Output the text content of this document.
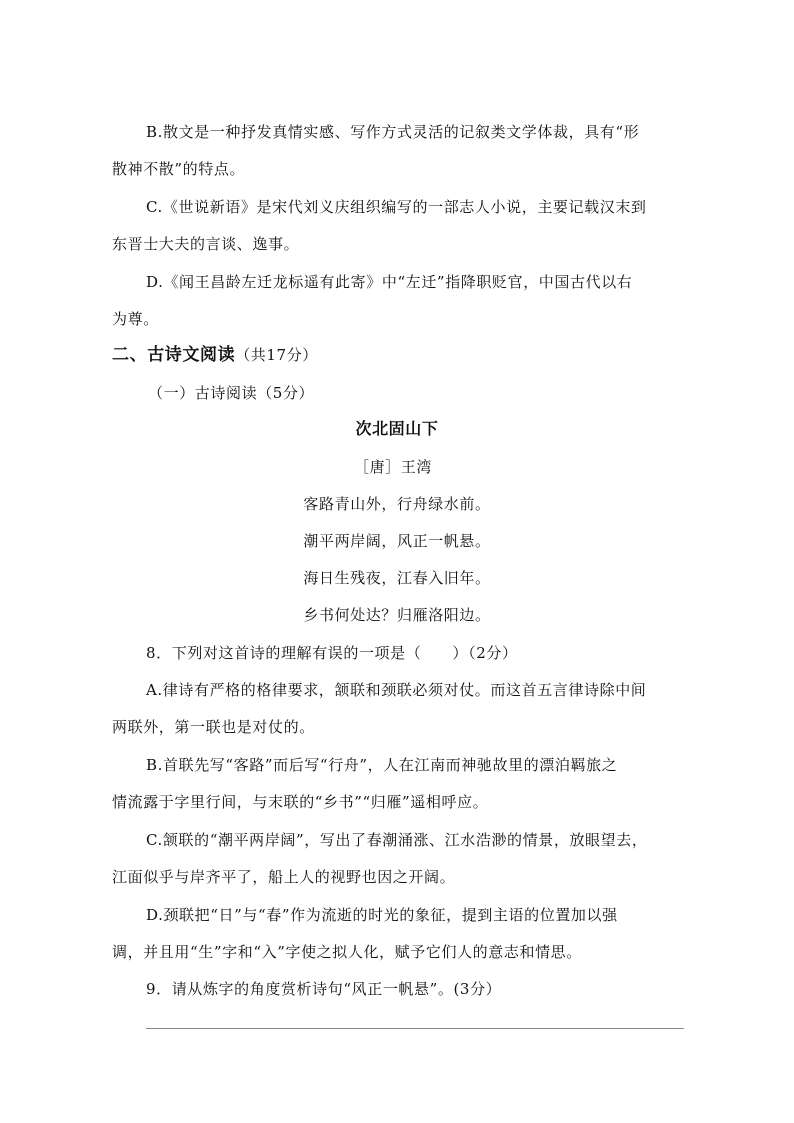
B.散文是一种抒发真情实感、写作方式灵活的记叙类文学体裁，具有“形
散神不散”的特点。
C.《世说新语》是宋代刘义庆组织编写的一部志人小说，主要记载汉末到
东晋士大夫的言谈、逸事。
D.《闻王昌龄左迁龙标遥有此寄》中“左迁”指降职贬官，中国古代以右
为尊。
二、古诗文阅读（共17分）
（一）古诗阅读（5分）
次北固山下
［唐］王湾
客路青山外，行舟绿水前。
潮平两岸阔，风正一帆悬。
海日生残夜，江春入旧年。
乡书何处达？归雁洛阳边。
8．下列对这首诗的理解有误的一项是（　　）（2分）
A.律诗有严格的格律要求，颔联和颈联必须对仗。而这首五言律诗除中间
两联外，第一联也是对仗的。
B.首联先写“客路”而后写“行舟”，人在江南而神驰故里的漂泊羁旅之
情流露于字里行间，与末联的“乡书”“归雁”遥相呼应。
C.颔联的“潮平两岸阔”，写出了春潮涌涨、江水浩渺的情景，放眼望去，
江面似乎与岸齐平了，船上人的视野也因之开阔。
D.颈联把“日”与“春”作为流逝的时光的象征，提到主语的位置加以强
调，并且用“生”字和“入”字使之拟人化，赋予它们人的意志和情思。
9．请从炼字的角度赏析诗句“风正一帆悬”。(3分）
